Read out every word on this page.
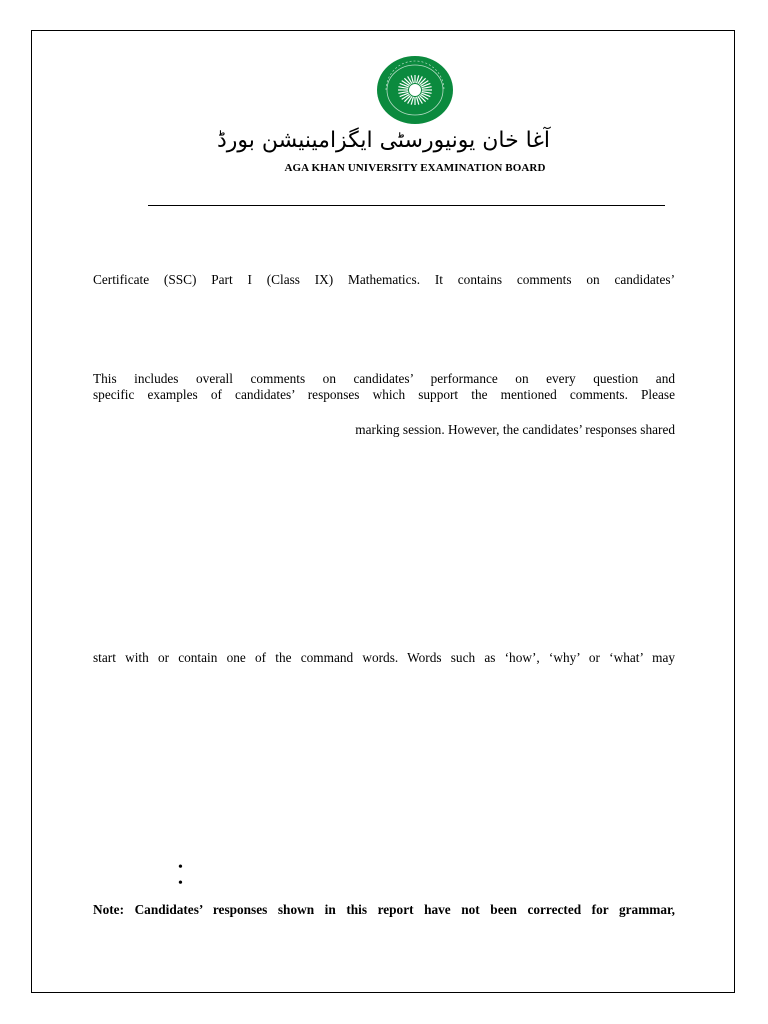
آغا خان یونیورسٹی ایگزامینیشن بورڈ
AGA KHAN UNIVERSITY EXAMINATION BOARD
Certificate (SSC) Part I (Class IX) Mathematics. It contains comments on candidates’
This includes overall comments on candidates’ performance on every question and
specific examples of candidates’ responses which support the mentioned comments. Please
marking session. However, the candidates’ responses shared
start with or contain one of the command words. Words such as ‘how’, ‘why’ or ‘what’ may
•
•
Note: Candidates’ responses shown in this report have not been corrected for grammar,
